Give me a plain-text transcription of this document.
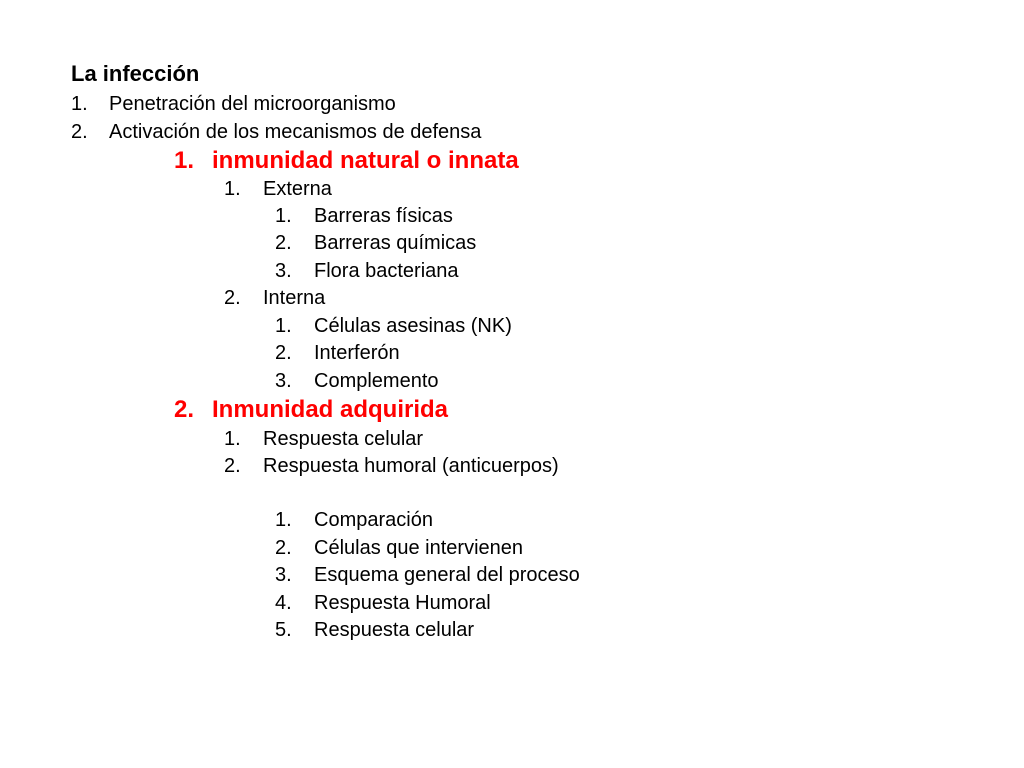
La infección
1.	Penetración del microorganismo
2.	Activación de los mecanismos de defensa
1. inmunidad natural o innata
1.	Externa
1.	Barreras físicas
2.	Barreras químicas
3.	Flora bacteriana
2.	Interna
1.	Células asesinas (NK)
2.	Interferón
3.	Complemento
2. Inmunidad adquirida
1.	Respuesta celular
2.	Respuesta humoral (anticuerpos)
1.	Comparación
2.	Células que intervienen
3.	Esquema general del proceso
4.	Respuesta Humoral
5.	Respuesta celular
